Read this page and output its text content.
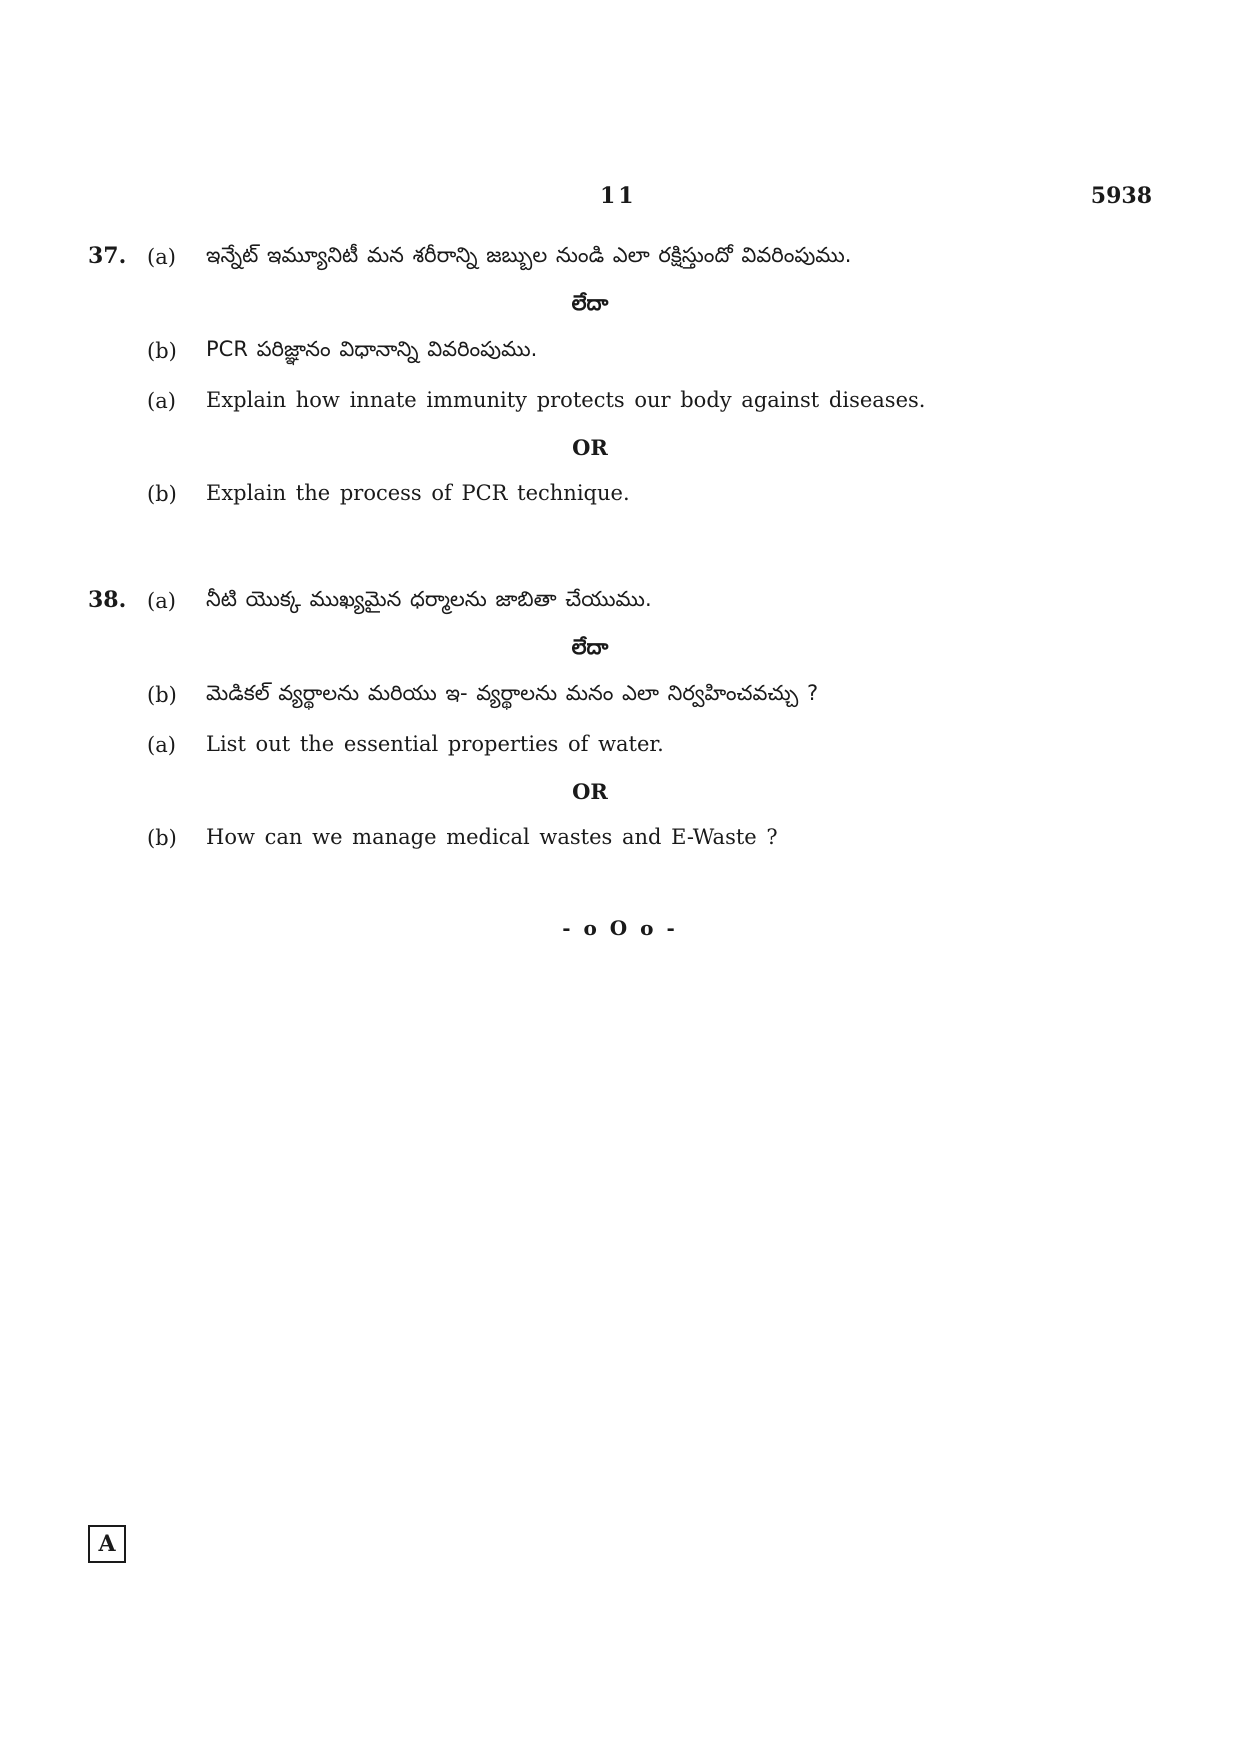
11	5938
37. (a) ఇన్నేట్ ఇమ్యూనిటీ మన శరీరాన్ని జబ్బుల నుండి ఎలా రక్షిస్తుందో వివరింపుము.
లేదా
(b) PCR పరిజ్ఞానం విధానాన్ని వివరింపుము.
(a) Explain how innate immunity protects our body against diseases.
OR
(b) Explain the process of PCR technique.
38. (a) నీటి యొక్క ముఖ్యమైన ధర్మాలను జాబితా చేయుము.
లేదా
(b) మెడికల్ వ్యర్థాలను మరియు ఇ- వ్యర్థాలను మనం ఎలా నిర్వహించవచ్చు ?
(a) List out the essential properties of water.
OR
(b) How can we manage medical wastes and E-Waste ?
- o O o -
A
